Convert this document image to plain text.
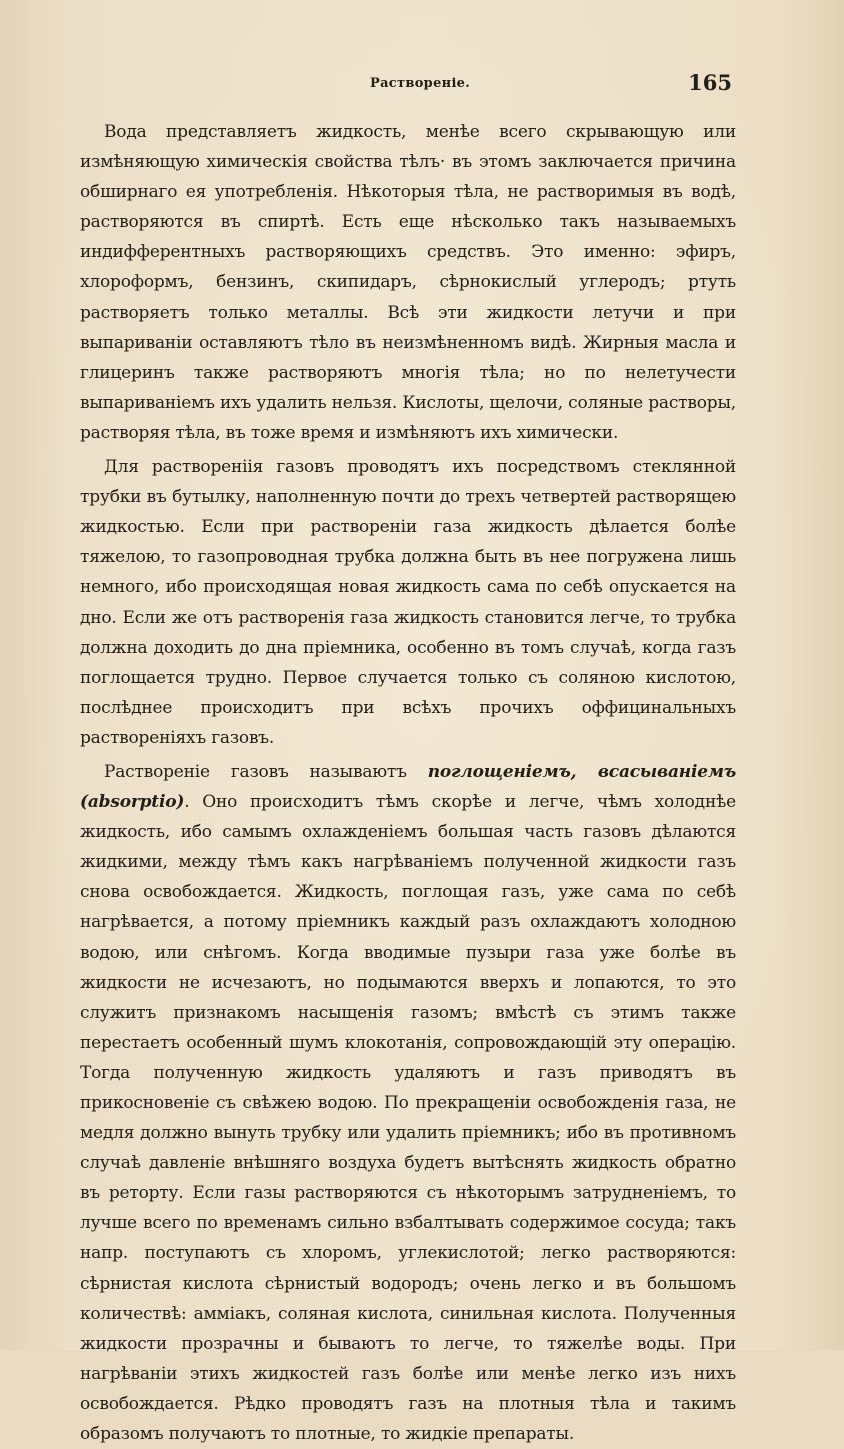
Раствореніе.	165

Вода представляетъ жидкость, менѣе всего скрывающую или измѣняющую химическія свойства тѣлъ· въ этомъ заключается причина обширнаго ея употребленія. Нѣкоторыя тѣла, не растворимыя въ водѣ, растворяются въ спиртѣ. Есть еще нѣсколько такъ называемыхъ индифферентныхъ растворяющихъ средствъ. Это именно: эфиръ, хлороформъ, бензинъ, скипидаръ, сѣрнокислый углеродъ; ртуть растворяетъ только металлы. Всѣ эти жидкости летучи и при выпариваніи оставляютъ тѣло въ неизмѣненномъ видѣ. Жирныя масла и глицеринъ также растворяютъ многія тѣла; но по нелетучести выпариваніемъ ихъ удалить нельзя. Кислоты, щелочи, соляные растворы, растворяя тѣла, въ тоже время и измѣняютъ ихъ химически.

Для раствореніія газовъ проводятъ ихъ посредствомъ стеклянной трубки въ бутылку, наполненную почти до трехъ четвертей растворящею жидкостью. Если при раствореніи газа жидкость дѣлается болѣе тяжелою, то газопроводная трубка должна быть въ нее погружена лишь немного, ибо происходящая новая жидкость сама по себѣ опускается на дно. Если же отъ растворенія газа жидкость становится легче, то трубка должна доходить до дна пріемника, особенно въ томъ случаѣ, когда газъ поглощается трудно. Первое случается только съ соляною кислотою, послѣднее происходитъ при всѣхъ прочихъ оффицинальныхъ раствореніяхъ газовъ.

Раствореніе газовъ называютъ поглощеніемъ, всасываніемъ (absorptio). Оно происходитъ тѣмъ скорѣе и легче, чѣмъ холоднѣе жидкость, ибо самымъ охлажденіемъ большая часть газовъ дѣлаются жидкими, между тѣмъ какъ нагрѣваніемъ полученной жидкости газъ снова освобождается. Жидкость, поглощая газъ, уже сама по себѣ нагрѣвается, а потому пріемникъ каждый разъ охлаждаютъ холодною водою, или снѣгомъ. Когда вводимые пузыри газа уже болѣе въ жидкости не исчезаютъ, но подымаются вверхъ и лопаются, то это служитъ признакомъ насыщенія газомъ; вмѣстѣ съ этимъ также перестаетъ особенный шумъ клокотанія, сопровождающій эту операцію. Тогда полученную жидкость удаляютъ и газъ приводятъ въ прикосновеніе съ свѣжею водою. По прекращеніи освобожденія газа, не медля должно вынуть трубку или удалить пріемникъ; ибо въ противномъ случаѣ давленіе внѣшняго воздуха будетъ вытѣснять жидкость обратно въ реторту. Если газы растворяются съ нѣкоторымъ затрудненіемъ, то лучше всего по временамъ сильно взбалтывать содержимое сосуда; такъ напр. поступаютъ съ хлоромъ, углекислотой; легко растворяются: сѣрнистая кислота сѣрнистый водородъ; очень легко и въ большомъ количествѣ: аммiакъ, соляная кислота, синильная кислота. Полученныя жидкости прозрачны и бываютъ то легче, то тяжелѣе воды. При нагрѣваніи этихъ жидкостей газъ болѣе или менѣе легко изъ нихъ освобождается. Рѣдко проводятъ газъ на плотныя тѣла и такимъ образомъ получаютъ то плотные, то жидкіе препараты.
